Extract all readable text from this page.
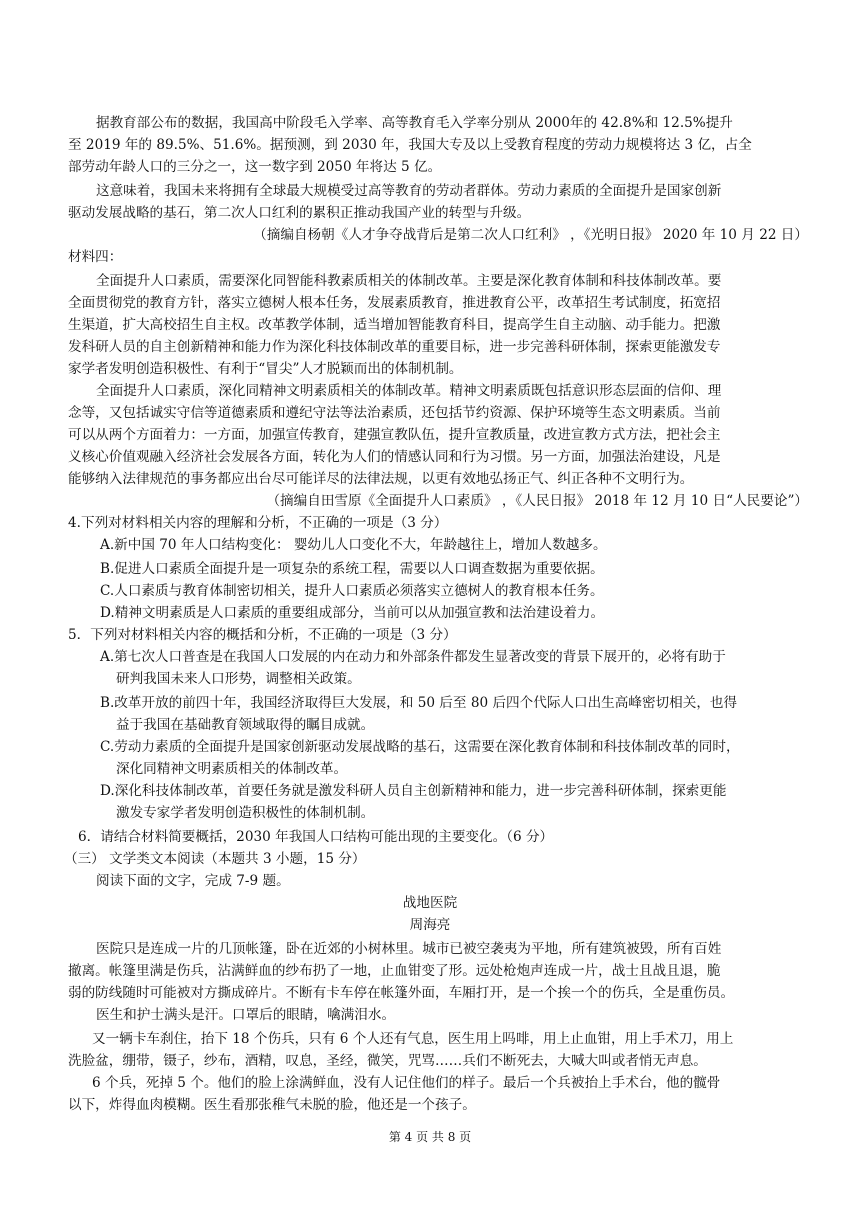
据教育部公布的数据，我国高中阶段毛入学率、高等教育毛入学率分别从 2000年的 42.8%和 12.5%提升
至 2019 年的 89.5%、51.6%。据预测，到 2030 年，我国大专及以上受教育程度的劳动力规模将达 3 亿，占全
部劳动年龄人口的三分之一，这一数字到 2050 年将达 5 亿。
这意味着，我国未来将拥有全球最大规模受过高等教育的劳动者群体。劳动力素质的全面提升是国家创新
驱动发展战略的基石，第二次人口红利的累积正推动我国产业的转型与升级。
（摘编自杨朝《人才争夺战背后是第二次人口红利》 ，《光明日报》 2020 年 10 月 22 日）
材料四：
全面提升人口素质，需要深化同智能科教素质相关的体制改革。主要是深化教育体制和科技体制改革。要
全面贯彻党的教育方针，落实立德树人根本任务，发展素质教育，推进教育公平，改革招生考试制度，拓宽招
生渠道，扩大高校招生自主权。改革教学体制，适当增加智能教育科目，提高学生自主动脑、动手能力。把激
发科研人员的自主创新精神和能力作为深化科技体制改革的重要目标，进一步完善科研体制，探索更能激发专
家学者发明创造积极性、有利于“冒尖”人才脱颖而出的体制机制。
全面提升人口素质，深化同精神文明素质相关的体制改革。精神文明素质既包括意识形态层面的信仰、理
念等，又包括诚实守信等道德素质和遵纪守法等法治素质，还包括节约资源、保护环境等生态文明素质。当前
可以从两个方面着力：一方面，加强宣传教育，建强宣教队伍，提升宣教质量，改进宣教方式方法，把社会主
义核心价值观融入经济社会发展各方面，转化为人们的情感认同和行为习惯。另一方面，加强法治建设，凡是
能够纳入法律规范的事务都应出台尽可能详尽的法律法规，以更有效地弘扬正气、纠正各种不文明行为。
（摘编自田雪原《全面提升人口素质》 ，《人民日报》 2018 年 12 月 10 日“人民要论”）
4.下列对材料相关内容的理解和分析，不正确的一项是（3 分）
A.新中国 70 年人口结构变化： 婴幼儿人口变化不大，年龄越往上，增加人数越多。
B.促进人口素质全面提升是一项复杂的系统工程，需要以人口调查数据为重要依据。
C.人口素质与教育体制密切相关，提升人口素质必须落实立德树人的教育根本任务。
D.精神文明素质是人口素质的重要组成部分，当前可以从加强宣教和法治建设着力。
5．下列对材料相关内容的概括和分析，不正确的一项是（3 分）
A.第七次人口普查是在我国人口发展的内在动力和外部条件都发生显著改变的背景下展开的，必将有助于
研判我国未来人口形势，调整相关政策。
B.改革开放的前四十年，我国经济取得巨大发展，和 50 后至 80 后四个代际人口出生高峰密切相关，也得
益于我国在基础教育领域取得的瞩目成就。
C.劳动力素质的全面提升是国家创新驱动发展战略的基石，这需要在深化教育体制和科技体制改革的同时，
深化同精神文明素质相关的体制改革。
D.深化科技体制改革，首要任务就是激发科研人员自主创新精神和能力，进一步完善科研体制，探索更能
激发专家学者发明创造积极性的体制机制。
6．请结合材料简要概括，2030 年我国人口结构可能出现的主要变化。（6 分）
（三） 文学类文本阅读（本题共 3 小题，15 分）
阅读下面的文字，完成 7-9 题。
战地医院
周海亮
医院只是连成一片的几顶帐篷，卧在近郊的小树林里。城市已被空袭夷为平地，所有建筑被毁，所有百姓
撤离。帐篷里满是伤兵，沾满鲜血的纱布扔了一地，止血钳变了形。远处枪炮声连成一片，战士且战且退，脆
弱的防线随时可能被对方撕成碎片。不断有卡车停在帐篷外面，车厢打开，是一个挨一个的伤兵，全是重伤员。
医生和护士满头是汗。口罩后的眼睛，噙满泪水。
又一辆卡车刹住，抬下 18 个伤兵，只有 6 个人还有气息，医生用上吗啡，用上止血钳，用上手术刀，用上
洗脸盆，绷带，镊子，纱布，酒精，叹息，圣经，微笑，咒骂……兵们不断死去，大喊大叫或者悄无声息。
6 个兵，死掉 5 个。他们的脸上涂满鲜血，没有人记住他们的样子。最后一个兵被抬上手术台，他的髋骨
以下，炸得血肉模糊。医生看那张稚气未脱的脸，他还是一个孩子。
第 4 页 共 8 页
